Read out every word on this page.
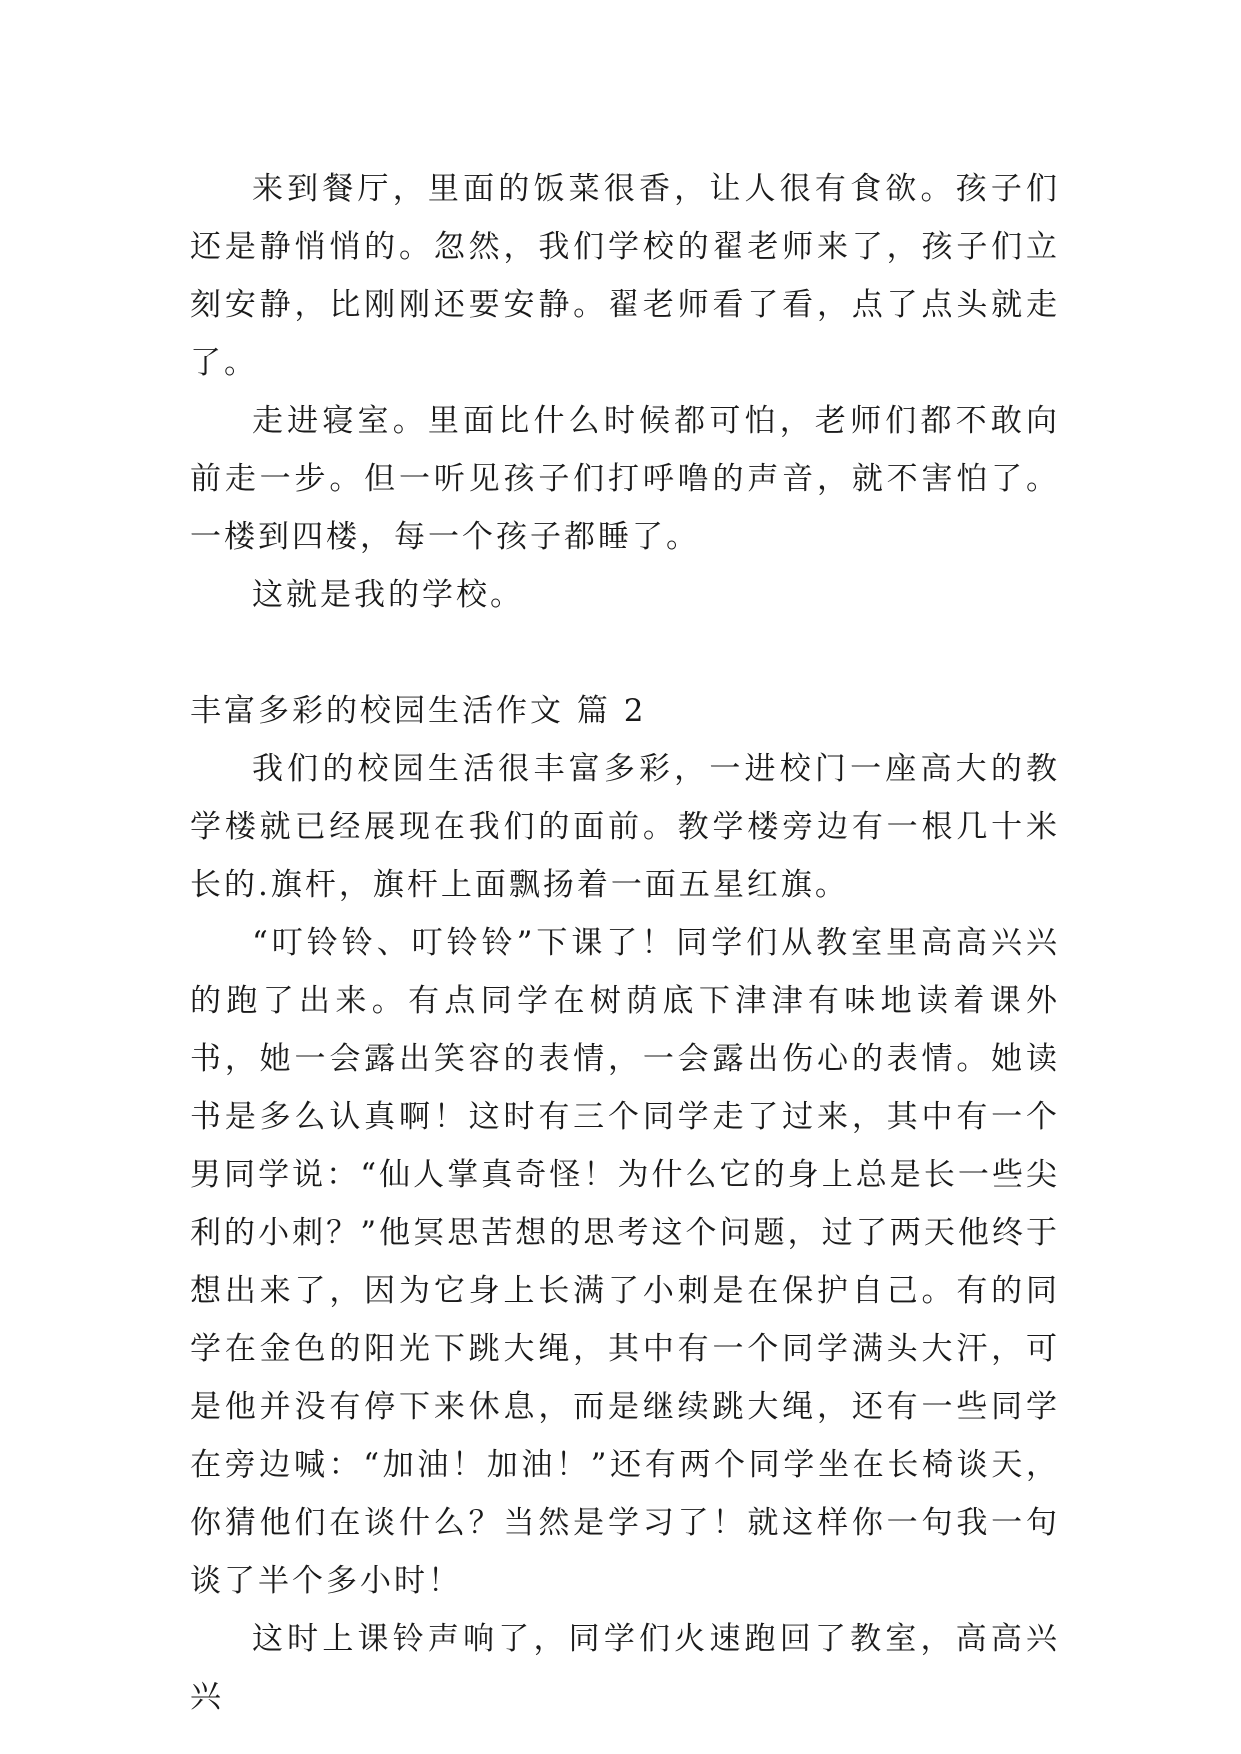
来到餐厅，里面的饭菜很香，让人很有食欲。孩子们还是静悄悄的。忽然，我们学校的翟老师来了，孩子们立刻安静，比刚刚还要安静。翟老师看了看，点了点头就走了。

走进寝室。里面比什么时候都可怕，老师们都不敢向前走一步。但一听见孩子们打呼噜的声音，就不害怕了。一楼到四楼，每一个孩子都睡了。

这就是我的学校。

丰富多彩的校园生活作文 篇 2

我们的校园生活很丰富多彩，一进校门一座高大的教学楼就已经展现在我们的面前。教学楼旁边有一根几十米长的.旗杆，旗杆上面飘扬着一面五星红旗。

“叮铃铃、叮铃铃”下课了！同学们从教室里高高兴兴的跑了出来。有点同学在树荫底下津津有味地读着课外书，她一会露出笑容的表情，一会露出伤心的表情。她读书是多么认真啊！这时有三个同学走了过来，其中有一个男同学说：“仙人掌真奇怪！为什么它的身上总是长一些尖利的小刺？”他冥思苦想的思考这个问题，过了两天他终于想出来了，因为它身上长满了小刺是在保护自己。有的同学在金色的阳光下跳大绳，其中有一个同学满头大汗，可是他并没有停下来休息，而是继续跳大绳，还有一些同学在旁边喊：“加油！加油！”还有两个同学坐在长椅谈天，你猜他们在谈什么？当然是学习了！就这样你一句我一句谈了半个多小时！

这时上课铃声响了，同学们火速跑回了教室，高高兴兴
